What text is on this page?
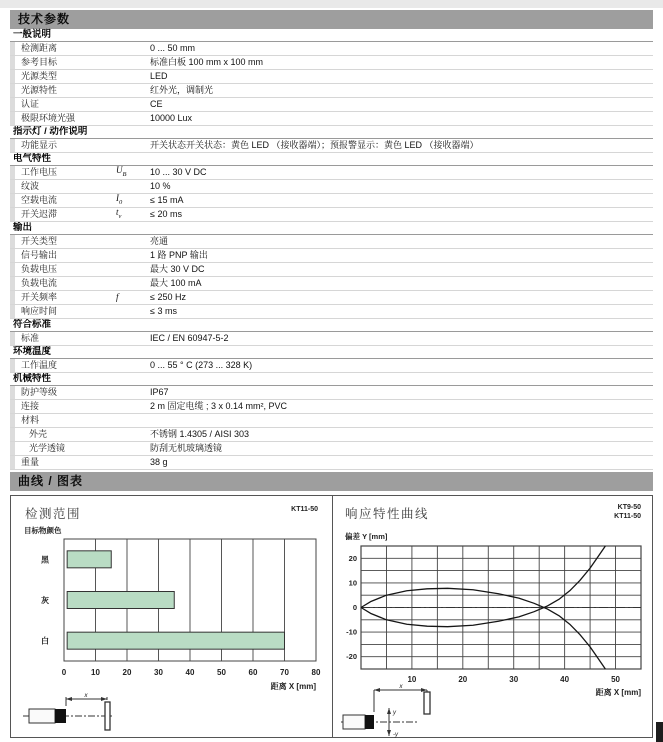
技术参数
一般说明
检测距离	0 ... 50 mm
参考目标	标准白板 100 mm x 100 mm
光源类型	LED
光源特性	红外光，调制光
认证	CE
极限环境光强	10000 Lux
指示灯 / 动作说明
功能显示	开关状态开关状态：黄色 LED （接收器端）；预报警显示：黄色 LED （接收器端）
电气特性
工作电压	$U_B$	10 ... 30 V DC
纹波	10 %
空载电流	$I_0$	≤ 15 mA
开关迟滞	$t_v$	≤ 20 ms
输出
开关类型	亮通
信号输出	1 路 PNP 输出
负载电压	最大 30 V DC
负载电流	最大 100 mA
开关频率	f	≤ 250 Hz
响应时间	≤ 3 ms
符合标准
标准	IEC / EN 60947-5-2
环境温度
工作温度	0 ... 55 ° C (273 ... 328 K)
机械特性
防护等级	IP67
连接	2 m 固定电缆 ; 3 x 0.14 mm², PVC
材料
外壳	不锈钢 1.4305 / AISI 303
光学透镜	防刮无机玻璃透镜
重量	38 g
曲线 / 图表
检测范围	KT11-50
目标物颜色
0	10	20	30	40	50	60	70	80
黑
灰
白
距离 X [mm]
x
响应特性曲线	KT9-50
KT11-50
偏差 Y [mm]
20
10
0
-10
-20
10	20	30	40	50
距离 X [mm]
x
y
-y
